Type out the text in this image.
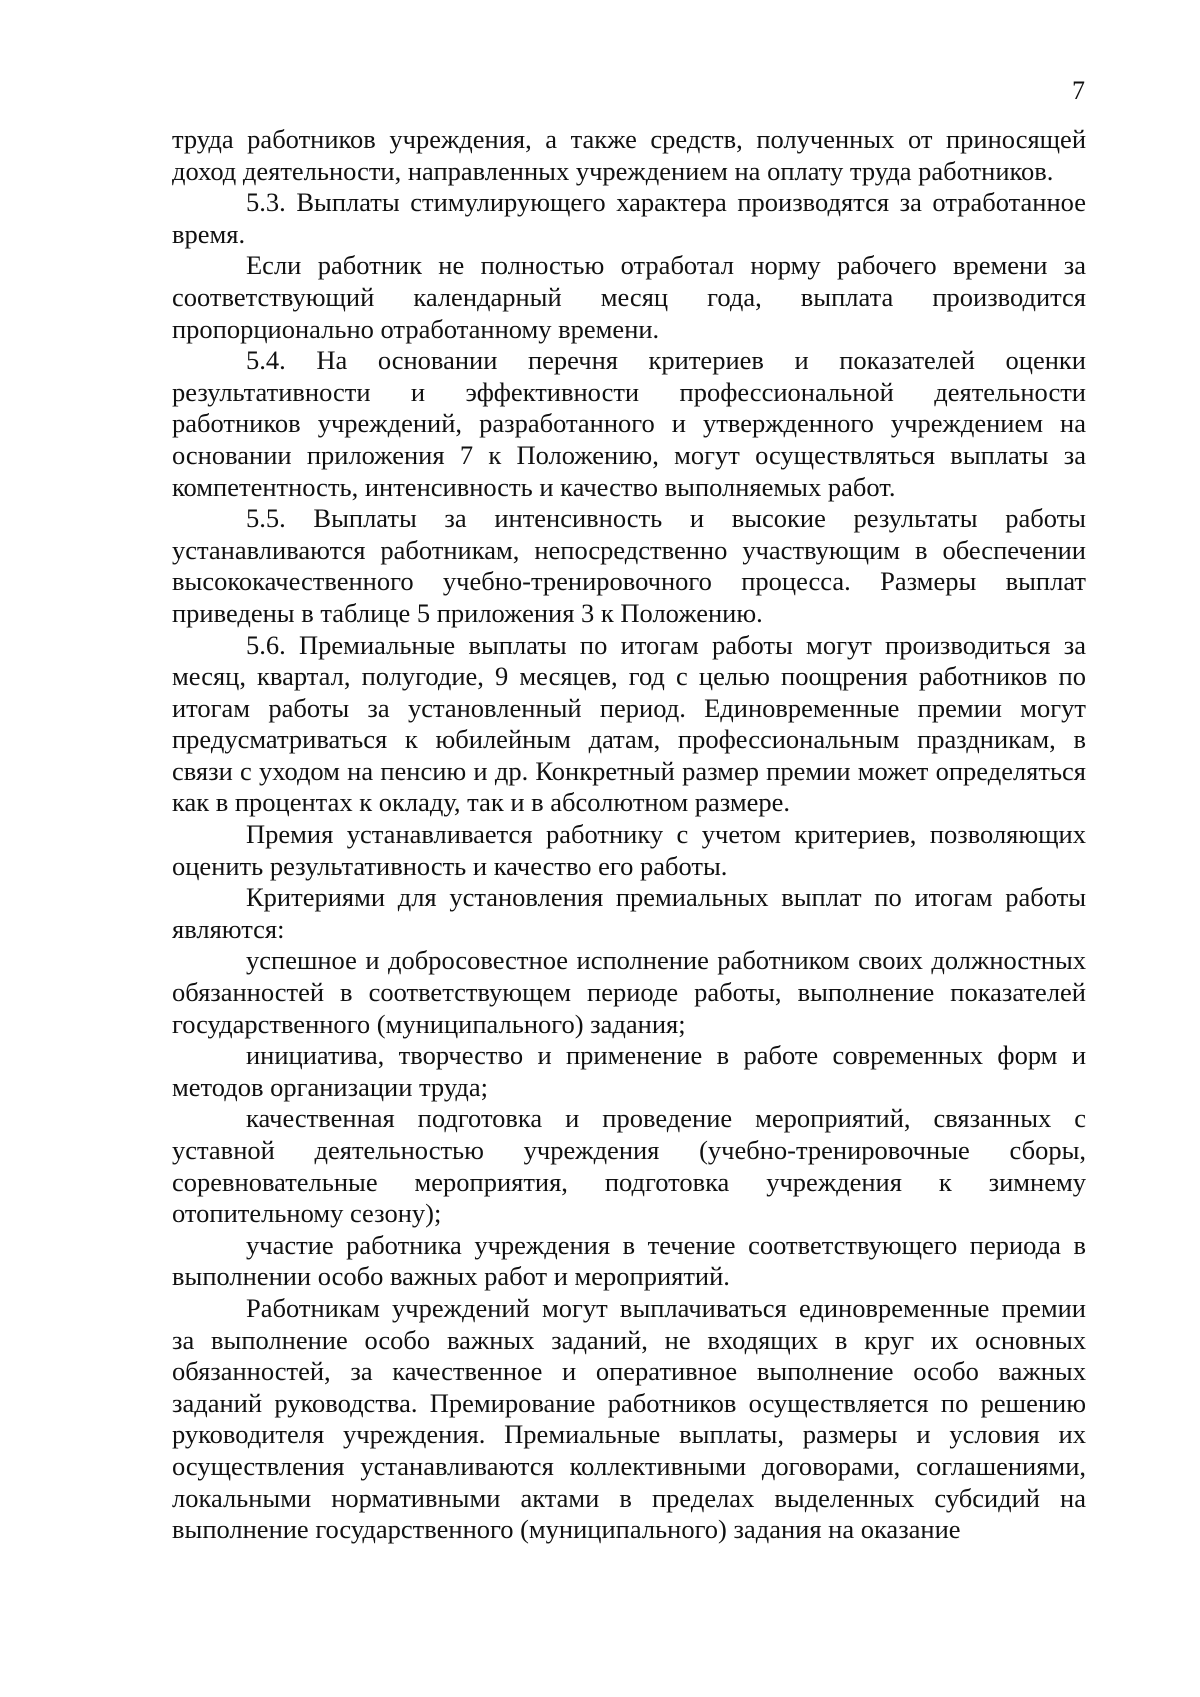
7

труда работников учреждения, а также средств, полученных от приносящей доход деятельности, направленных учреждением на оплату труда работников.

5.3. Выплаты стимулирующего характера производятся за отработанное время.

Если работник не полностью отработал норму рабочего времени за соответствующий календарный месяц года, выплата производится пропорционально отработанному времени.

5.4. На основании перечня критериев и показателей оценки результативности и эффективности профессиональной деятельности работников учреждений, разработанного и утвержденного учреждением на основании приложения 7 к Положению, могут осуществляться выплаты за компетентность, интенсивность и качество выполняемых работ.

5.5. Выплаты за интенсивность и высокие результаты работы устанавливаются работникам, непосредственно участвующим в обеспечении высококачественного учебно-тренировочного процесса. Размеры выплат приведены в таблице 5 приложения 3 к Положению.

5.6. Премиальные выплаты по итогам работы могут производиться за месяц, квартал, полугодие, 9 месяцев, год с целью поощрения работников по итогам работы за установленный период. Единовременные премии могут предусматриваться к юбилейным датам, профессиональным праздникам, в связи с уходом на пенсию и др. Конкретный размер премии может определяться как в процентах к окладу, так и в абсолютном размере.

Премия устанавливается работнику с учетом критериев, позволяющих оценить результативность и качество его работы.

Критериями для установления премиальных выплат по итогам работы являются:

успешное и добросовестное исполнение работником своих должностных обязанностей в соответствующем периоде работы, выполнение показателей государственного (муниципального) задания;

инициатива, творчество и применение в работе современных форм и методов организации труда;

качественная подготовка и проведение мероприятий, связанных с уставной деятельностью учреждения (учебно-тренировочные сборы, соревновательные мероприятия, подготовка учреждения к зимнему отопительному сезону);

участие работника учреждения в течение соответствующего периода в выполнении особо важных работ и мероприятий.

Работникам учреждений могут выплачиваться единовременные премии за выполнение особо важных заданий, не входящих в круг их основных обязанностей, за качественное и оперативное выполнение особо важных заданий руководства. Премирование работников осуществляется по решению руководителя учреждения. Премиальные выплаты, размеры и условия их осуществления устанавливаются коллективными договорами, соглашениями, локальными нормативными актами в пределах выделенных субсидий на выполнение государственного (муниципального) задания на оказание
